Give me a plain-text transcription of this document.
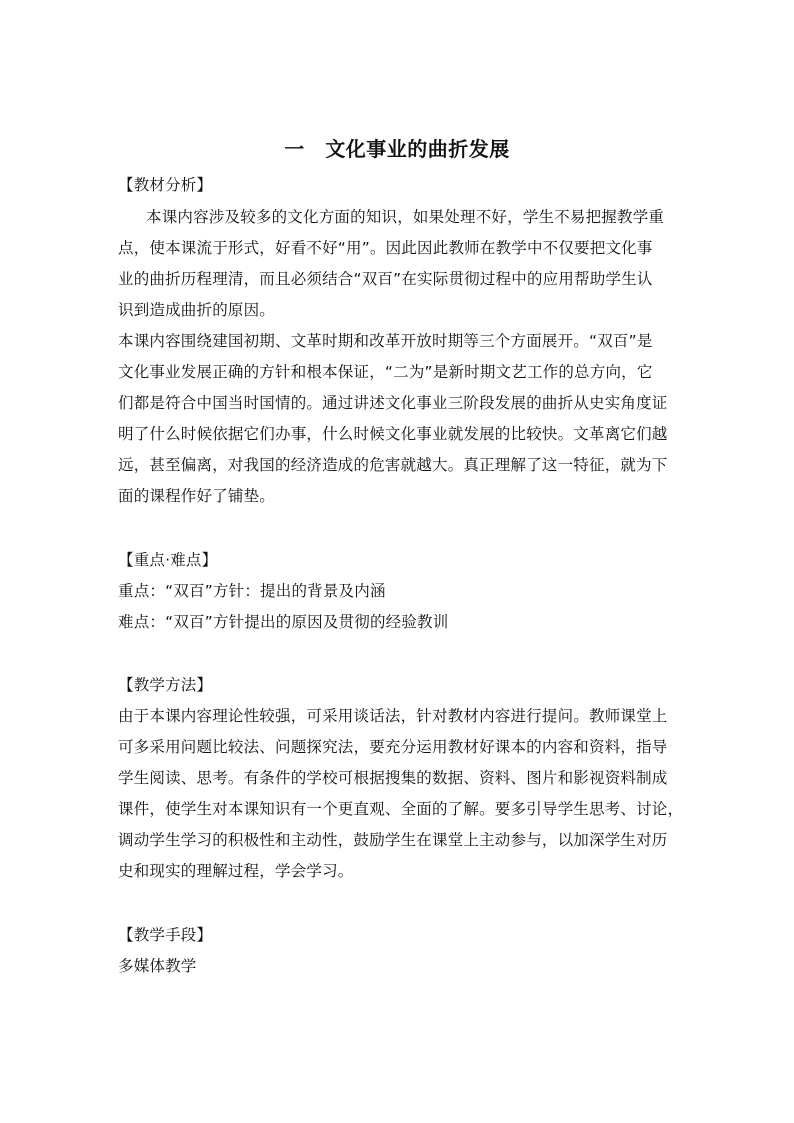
一　文化事业的曲折发展
【教材分析】
本课内容涉及较多的文化方面的知识，如果处理不好，学生不易把握教学重
点，使本课流于形式，好看不好“用”。因此因此教师在教学中不仅要把文化事
业的曲折历程理清，而且必须结合“双百”在实际贯彻过程中的应用帮助学生认
识到造成曲折的原因。
本课内容围绕建国初期、文革时期和改革开放时期等三个方面展开。“双百”是
文化事业发展正确的方针和根本保证，“二为”是新时期文艺工作的总方向，它
们都是符合中国当时国情的。通过讲述文化事业三阶段发展的曲折从史实角度证
明了什么时候依据它们办事，什么时候文化事业就发展的比较快。文革离它们越
远，甚至偏离，对我国的经济造成的危害就越大。真正理解了这一特征，就为下
面的课程作好了铺垫。
【重点·难点】
重点：“双百”方针：提出的背景及内涵
难点：“双百”方针提出的原因及贯彻的经验教训
【教学方法】
由于本课内容理论性较强，可采用谈话法，针对教材内容进行提问。教师课堂上
可多采用问题比较法、问题探究法，要充分运用教材好课本的内容和资料，指导
学生阅读、思考。有条件的学校可根据搜集的数据、资料、图片和影视资料制成
课件，使学生对本课知识有一个更直观、全面的了解。要多引导学生思考、讨论，
调动学生学习的积极性和主动性，鼓励学生在课堂上主动参与，以加深学生对历
史和现实的理解过程，学会学习。
【教学手段】
多媒体教学
